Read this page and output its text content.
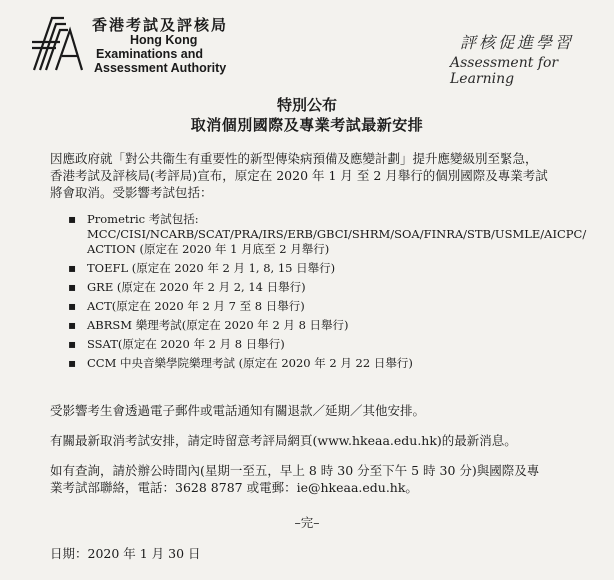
香港考試及評核局
Hong Kong
Examinations and
Assessment Authority
評核促進學習
Assessment for Learning
特別公布
取消個別國際及專業考試最新安排
因應政府就「對公共衞生有重要性的新型傳染病預備及應變計劃」提升應變級別至緊急，
香港考試及評核局(考評局)宣布，原定在 2020 年 1 月 至 2 月舉行的個別國際及專業考試
將會取消。受影響考試包括：
▪ Prometric 考試包括:
MCC/CISI/NCARB/SCAT/PRA/IRS/ERB/GBCI/SHRM/SOA/FINRA/STB/USMLE/AICPC/
ACTION (原定在 2020 年 1 月底至 2 月舉行)
▪ TOEFL (原定在 2020 年 2 月 1, 8, 15 日舉行)
▪ GRE (原定在 2020 年 2 月 2, 14 日舉行)
▪ ACT(原定在 2020 年 2 月 7 至 8 日舉行)
▪ ABRSM 樂理考試(原定在 2020 年 2 月 8 日舉行)
▪ SSAT(原定在 2020 年 2 月 8 日舉行)
▪ CCM 中央音樂學院樂理考試 (原定在 2020 年 2 月 22 日舉行)
受影響考生會透過電子郵件或電話通知有關退款／延期／其他安排。
有關最新取消考試安排，請定時留意考評局網頁(www.hkeaa.edu.hk)的最新消息。
如有查詢，請於辦公時間內(星期一至五，早上 8 時 30 分至下午 5 時 30 分)與國際及專
業考試部聯絡，電話：3628 8787 或電郵：ie@hkeaa.edu.hk。
–完–
日期：2020 年 1 月 30 日
